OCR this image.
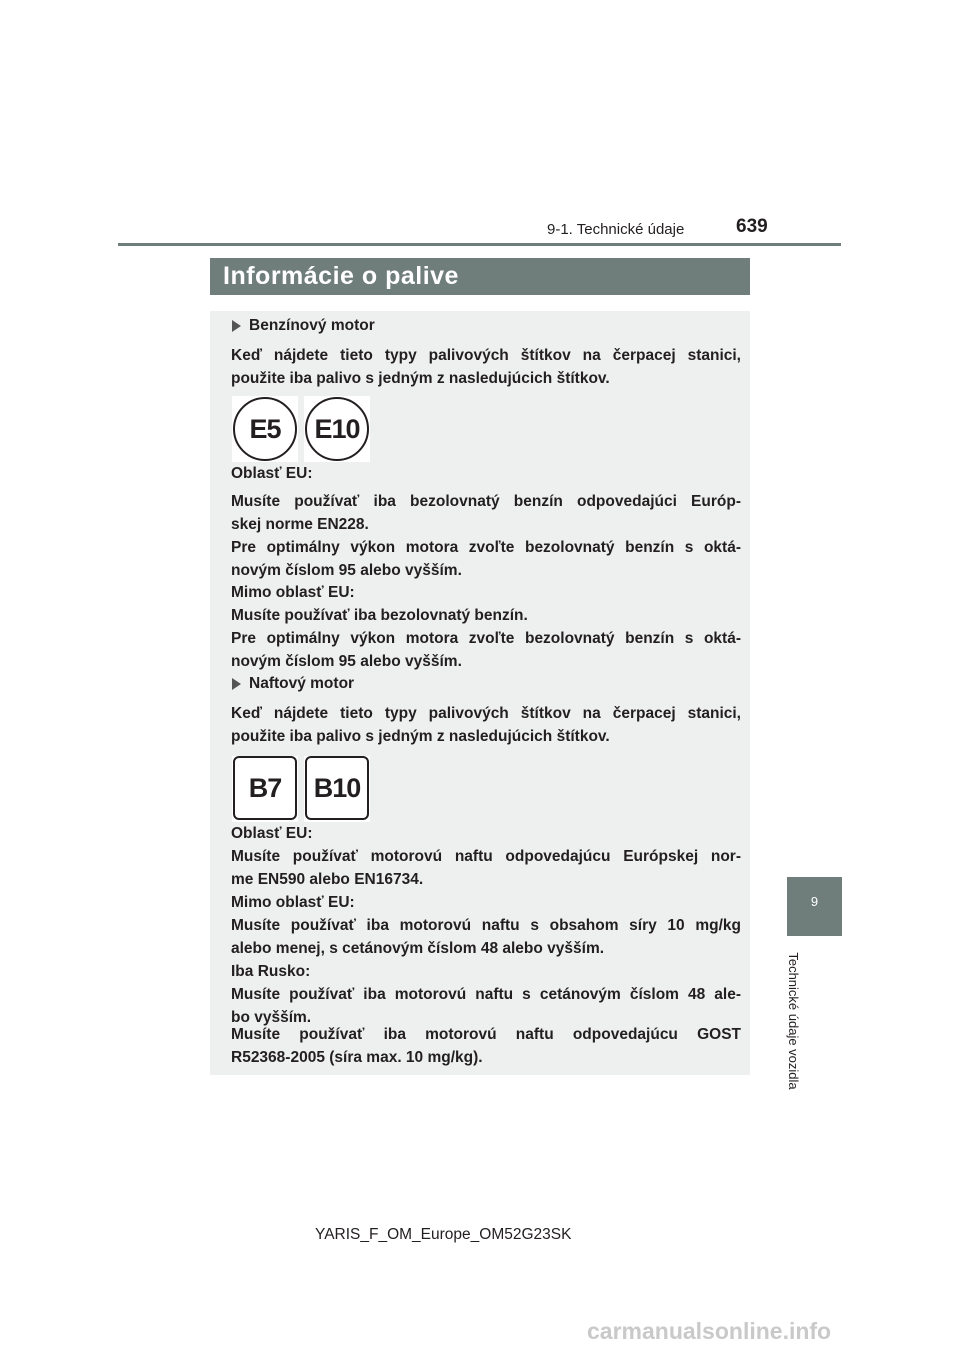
9-1. Technické údaje	639
Informácie o palive
Benzínový motor
Keď nájdete tieto typy palivových štítkov na čerpacej stanici,
použite iba palivo s jedným z nasledujúcich štítkov.
E5	E10
Oblasť EU:
Musíte používať iba bezolovnatý benzín odpovedajúci Európ-
skej norme EN228.
Pre optimálny výkon motora zvoľte bezolovnatý benzín s oktá-
novým číslom 95 alebo vyšším.
Mimo oblasť EU:
Musíte používať iba bezolovnatý benzín.
Pre optimálny výkon motora zvoľte bezolovnatý benzín s oktá-
novým číslom 95 alebo vyšším.
Naftový motor
Keď nájdete tieto typy palivových štítkov na čerpacej stanici,
použite iba palivo s jedným z nasledujúcich štítkov.
B7	B10
Oblasť EU:
Musíte používať motorovú naftu odpovedajúcu Európskej nor-
me EN590 alebo EN16734.
Mimo oblasť EU:
Musíte používať iba motorovú naftu s obsahom síry 10 mg/kg
alebo menej, s cetánovým číslom 48 alebo vyšším.
Iba Rusko:
Musíte používať iba motorovú naftu s cetánovým číslom 48 ale-
bo vyšším.
Musíte používať iba motorovú naftu odpovedajúcu GOST
R52368-2005 (síra max. 10 mg/kg).
9
Technické údaje vozidla
YARIS_F_OM_Europe_OM52G23SK
carmanualsonline.info
